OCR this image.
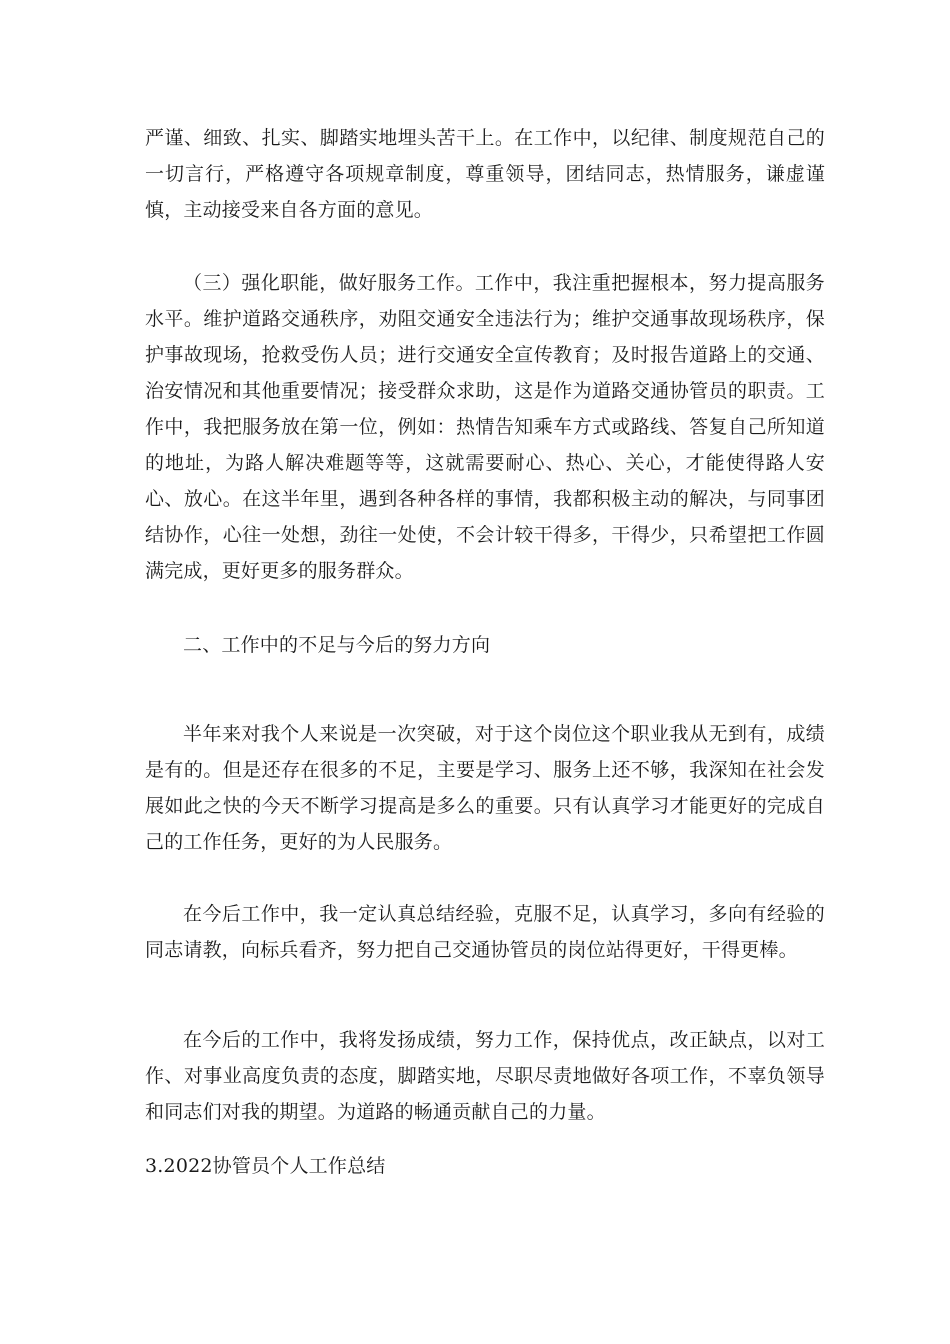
严谨、细致、扎实、脚踏实地埋头苦干上。在工作中，以纪律、制度规范自己的一切言行，严格遵守各项规章制度，尊重领导，团结同志，热情服务，谦虚谨慎，主动接受来自各方面的意见。

（三）强化职能，做好服务工作。工作中，我注重把握根本，努力提高服务水平。维护道路交通秩序，劝阻交通安全违法行为；维护交通事故现场秩序，保护事故现场，抢救受伤人员；进行交通安全宣传教育；及时报告道路上的交通、治安情况和其他重要情况；接受群众求助，这是作为道路交通协管员的职责。工作中，我把服务放在第一位，例如：热情告知乘车方式或路线、答复自己所知道的地址，为路人解决难题等等，这就需要耐心、热心、关心，才能使得路人安心、放心。在这半年里，遇到各种各样的事情，我都积极主动的解决，与同事团结协作，心往一处想，劲往一处使，不会计较干得多，干得少，只希望把工作圆满完成，更好更多的服务群众。

二、工作中的不足与今后的努力方向

半年来对我个人来说是一次突破，对于这个岗位这个职业我从无到有，成绩是有的。但是还存在很多的不足，主要是学习、服务上还不够，我深知在社会发展如此之快的今天不断学习提高是多么的重要。只有认真学习才能更好的完成自己的工作任务，更好的为人民服务。

在今后工作中，我一定认真总结经验，克服不足，认真学习，多向有经验的同志请教，向标兵看齐，努力把自己交通协管员的岗位站得更好，干得更棒。

在今后的工作中，我将发扬成绩，努力工作，保持优点，改正缺点，以对工作、对事业高度负责的态度，脚踏实地，尽职尽责地做好各项工作，不辜负领导和同志们对我的期望。为道路的畅通贡献自己的力量。

3.2022协管员个人工作总结
